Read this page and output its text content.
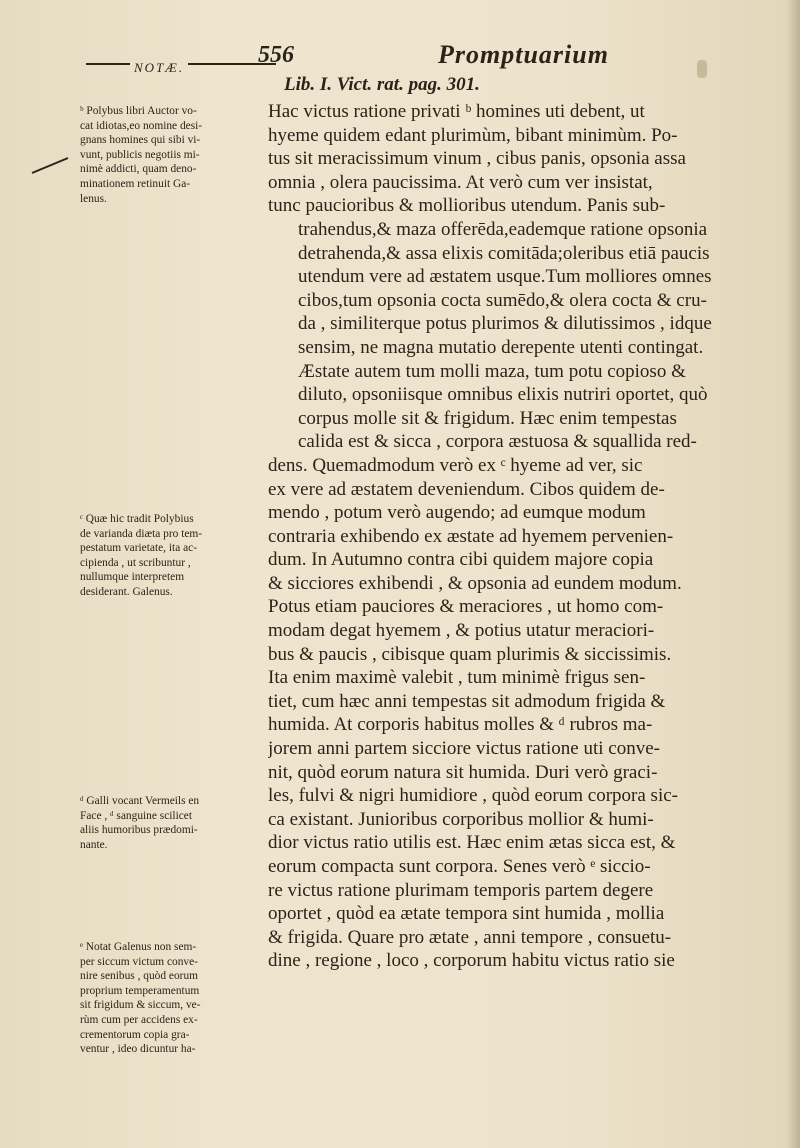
NOTÆ.	556	Promptuarium
Lib. I. Vict. rat. pag. 301.
Hac victus ratione privati ᵇ homines uti debent, ut
hyeme quidem edant plurimùm, bibant minimùm. Po-
tus sit meracissimum vinum , cibus panis, opsonia assa
omnia , olera paucissima. At verò cum ver insistat,
tunc paucioribus & mollioribus utendum. Panis sub-
trahendus,& maza offerēda,eademque ratione opsonia
detrahenda,& assa elixis comitāda;oleribus etiā paucis
utendum vere ad æstatem usque.Tum molliores omnes
cibos,tum opsonia cocta sumēdo,& olera cocta & cru-
da , similiterque potus plurimos & dilutissimos , idque
sensim, ne magna mutatio derepente utenti contingat.
Æstate autem tum molli maza, tum potu copioso &
diluto, opsoniisque omnibus elixis nutriri oportet, quò
corpus molle sit & frigidum. Hæc enim tempestas
calida est & sicca , corpora æstuosa & squallida red-
dens. Quemadmodum verò ex ᶜ hyeme ad ver, sic
ex vere ad æstatem deveniendum. Cibos quidem de-
mendo , potum verò augendo; ad eumque modum
contraria exhibendo ex æstate ad hyemem pervenien-
dum. In Autumno contra cibi quidem majore copia
& sicciores exhibendi , & opsonia ad eundem modum.
Potus etiam pauciores & meraciores , ut homo com-
modam degat hyemem , & potius utatur meraciori-
bus & paucis , cibisque quam plurimis & siccissimis.
Ita enim maximè valebit , tum minimè frigus sen-
tiet, cum hæc anni tempestas sit admodum frigida &
humida. At corporis habitus molles & ᵈ rubros ma-
jorem anni partem sicciore victus ratione uti conve-
nit, quòd eorum natura sit humida. Duri verò graci-
les, fulvi & nigri humidiore , quòd eorum corpora sic-
ca existant. Junioribus corporibus mollior & humi-
dior victus ratio utilis est. Hæc enim ætas sicca est, &
eorum compacta sunt corpora. Senes verò ᵉ siccio-
re victus ratione plurimam temporis partem degere
oportet , quòd ea ætate tempora sint humida , mollia
& frigida. Quare pro ætate , anni tempore , consuetu-
dine , regione , loco , corporum habitu victus ratio sie
ᵇ Polybus libri Auctor vo-
cat idiotas,eo nomine desi-
gnans homines qui sibi vi-
vunt, publicis negotiis mi-
nimè addicti, quam deno-
minationem retinuit Ga-
lenus.
ᶜ Quæ hic tradit Polybius
de varianda diæta pro tem-
pestatum varietate, ita ac-
cipienda , ut scribuntur ,
nullumque interpretem
desiderant. Galenus.
ᵈ Galli vocant Vermeils en
Face , ᵈ sanguine scilicet
aliis humoribus prædomi-
nante.
ᵉ Notat Galenus non sem-
per siccum victum conve-
nire senibus , quòd eorum
proprium temperamentum
sit frigidum & siccum, ve-
rùm cum per accidens ex-
crementorum copia gra-
ventur , ideo dicuntur ha-
